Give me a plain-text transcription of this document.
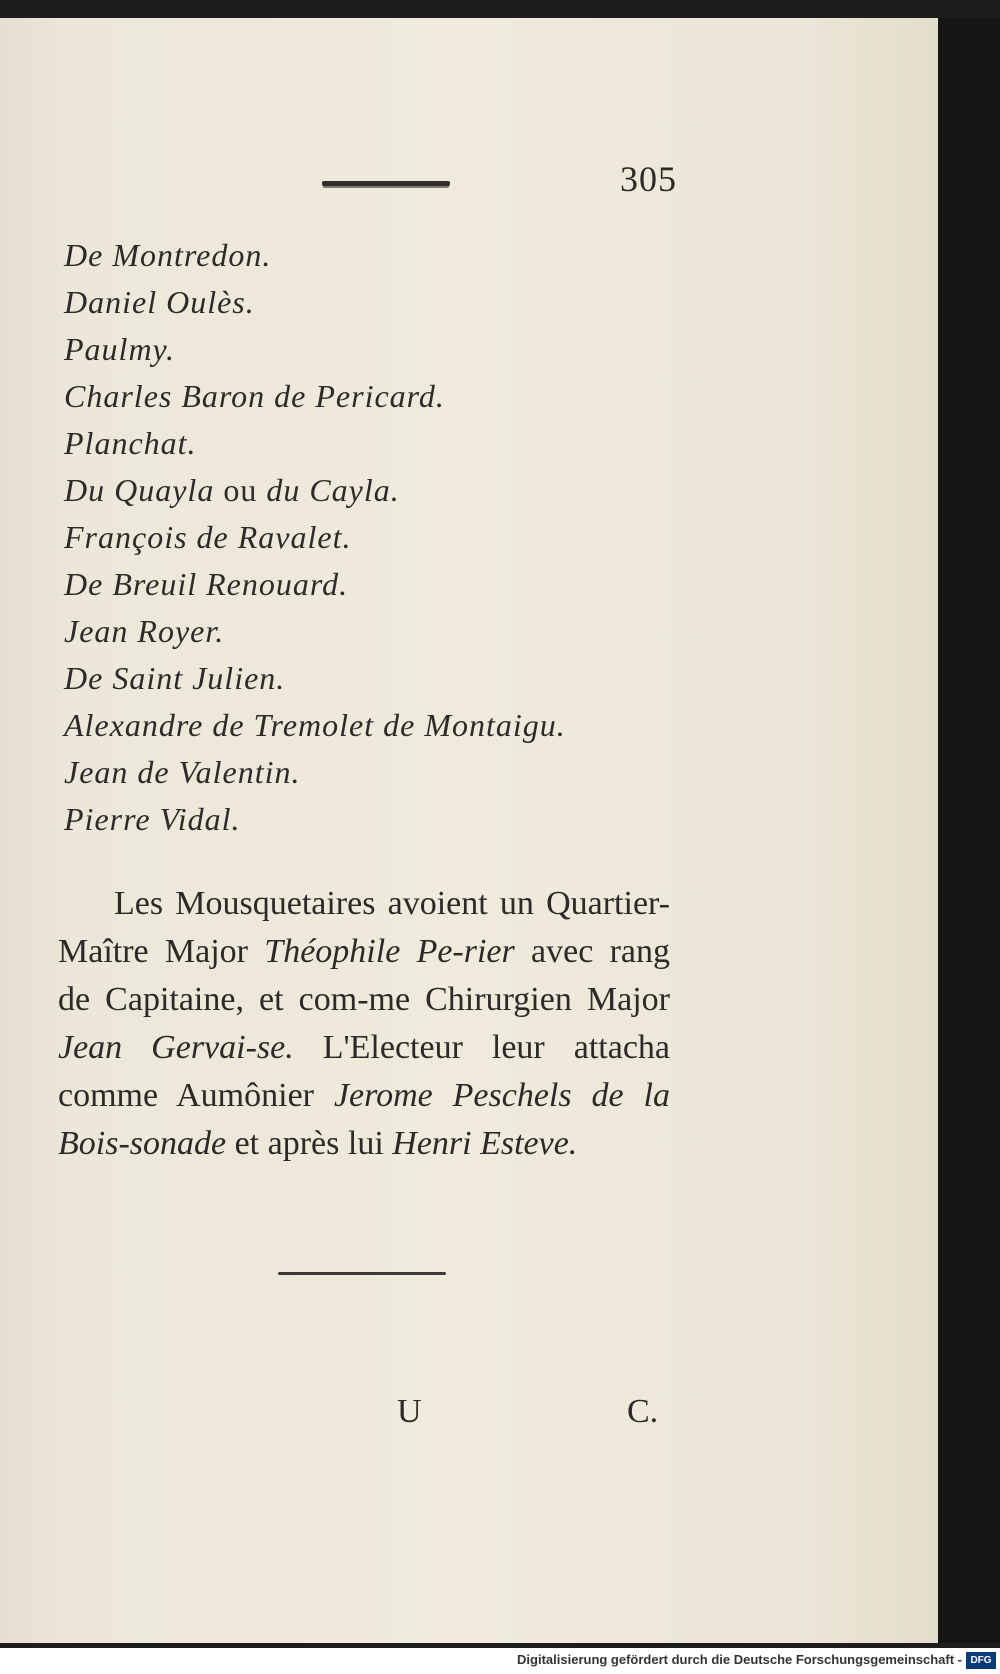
305
De Montredon.
Daniel Oulès.
Paulmy.
Charles Baron de Pericard.
Planchat.
Du Quayla ou du Cayla.
François de Ravalet.
De Breuil Renouard.
Jean Royer.
De Saint Julien.
Alexandre de Tremolet de Montaigu.
Jean de Valentin.
Pierre Vidal.
Les Mousquetaires avoient un Quartier-Maître Major Théophile Pe-rier avec rang de Capitaine, et com-me Chirurgien Major Jean Gervai-se. L'Electeur leur attacha comme Aumônier Jerome Peschels de la Bois-sonade et après lui Henri Esteve.
U	C.
Digitalisierung gefördert durch die Deutsche Forschungsgemeinschaft - DFG
